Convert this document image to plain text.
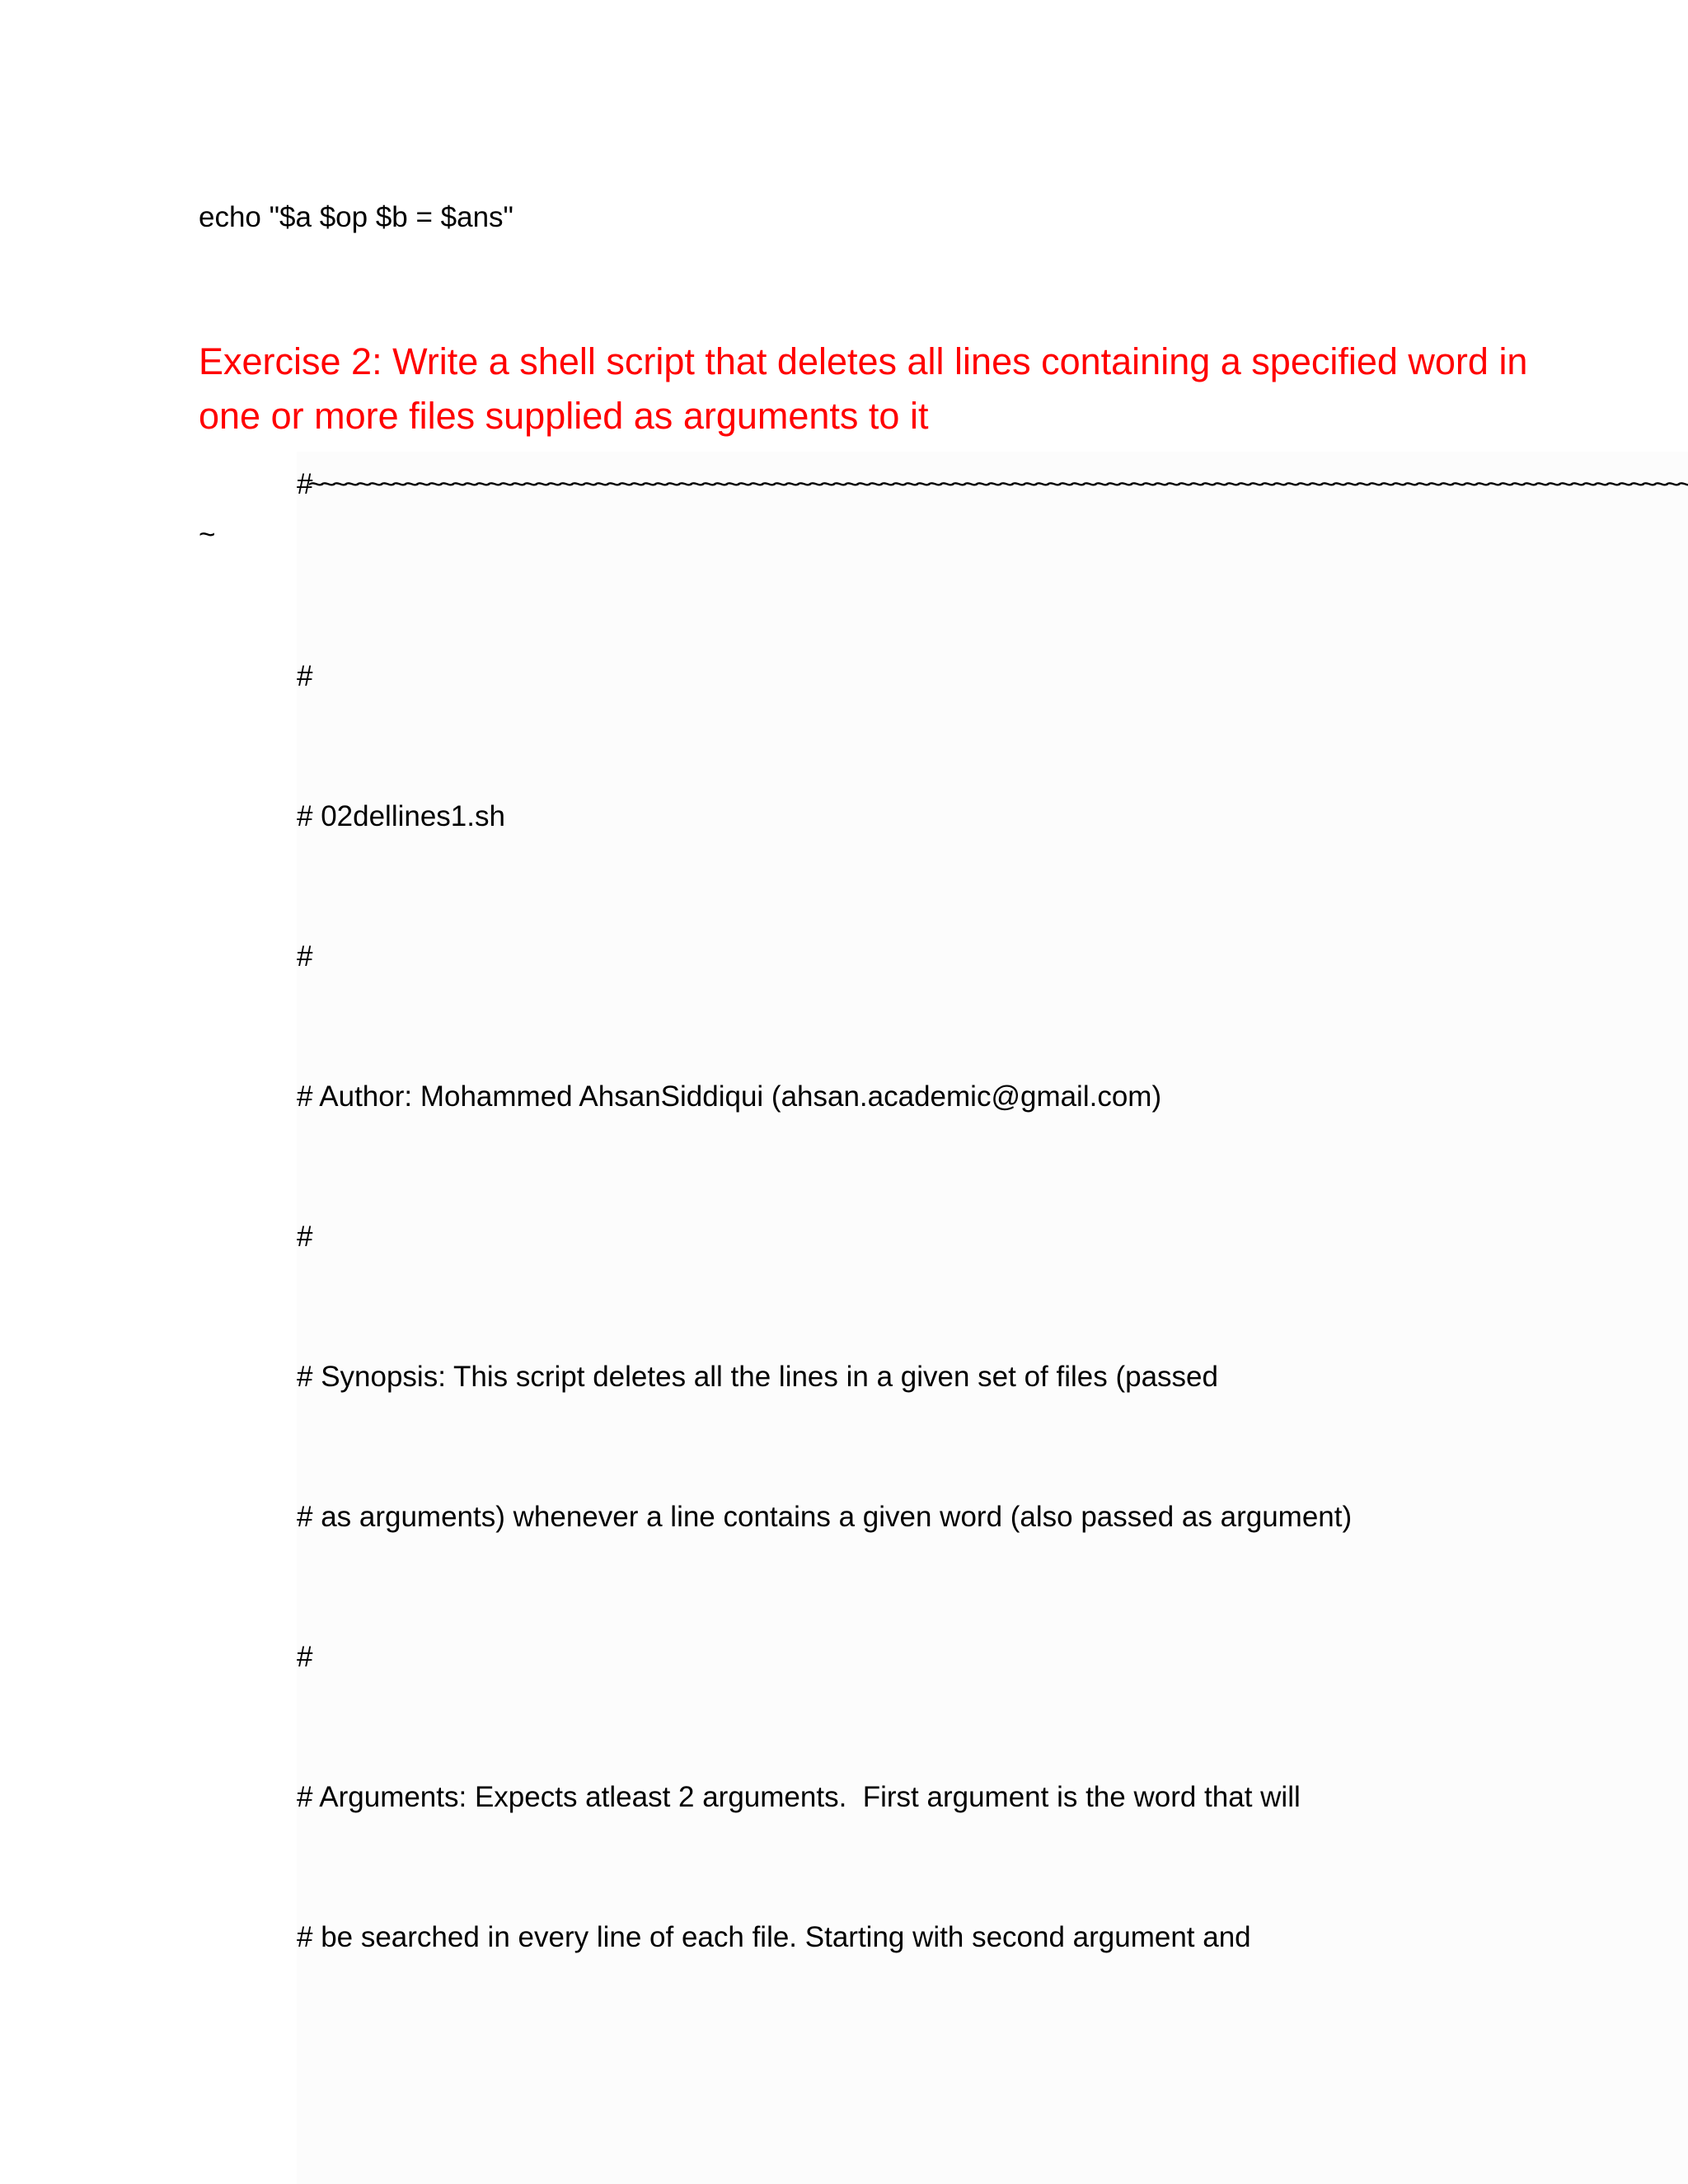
echo "$a $op $b = $ans"
Exercise 2: Write a shell script that deletes all lines containing a specified word in one or more files supplied as arguments to it
#~~~~~~~~~~~~~~~~~~~~~~~~~~~~~~~~~~~~~~~~~~~~~~~~~~~~~~~~~~~~~~~~~~~~~~~~~~~~~~~~~~~~~~~~~~~~~~~~~~~~~~~~~~~~~~~~~~~~
~
#
# 02dellines1.sh
#
# Author: Mohammed AhsanSiddiqui (ahsan.academic@gmail.com)
#
# Synopsis: This script deletes all the lines in a given set of files (passed
# as arguments) whenever a line contains a given word (also passed as argument)
#
# Arguments: Expects atleast 2 arguments.  First argument is the word that will
# be searched in every line of each file. Starting with second argument and
